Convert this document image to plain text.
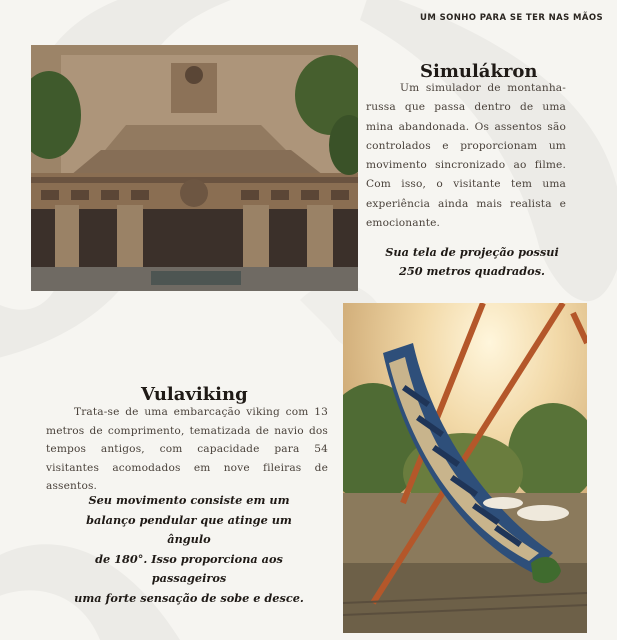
UM SONHO PARA SE TER NAS MÃOS
Simulákron
Um simulador de montanha-russa que passa dentro de uma mina abandonada. Os assentos são controlados e proporcionam um movimento sincronizado ao filme. Com isso, o visitante tem uma experiência ainda mais realista e emocionante.
Sua tela de projeção possui
250 metros quadrados.
Vulaviking
Trata-se de uma embarcação viking com 13 metros de comprimento, tematizada de navio dos tempos antigos, com capacidade para 54 visitantes acomodados em nove fileiras de assentos.
Seu movimento consiste em um
balanço pendular que atinge um ângulo
de 180°. Isso proporciona aos passageiros
uma forte sensação de sobe e desce.
